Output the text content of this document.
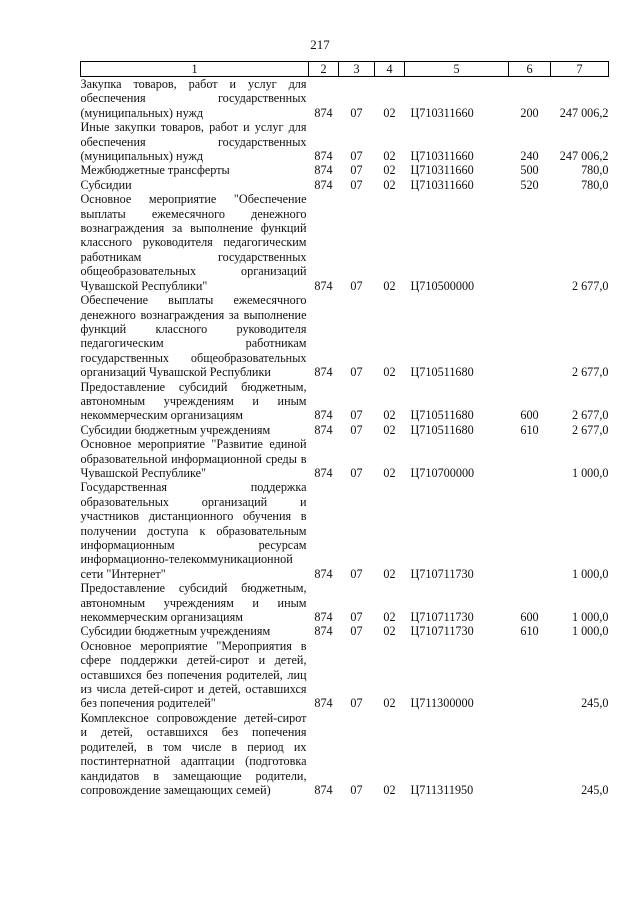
217
1	2	3	4	5	6	7
Закупка товаров, работ и услуг для обеспечения государственных (муниципальных) нужд	874	07	02	Ц710311660	200	247 006,2
Иные закупки товаров, работ и услуг для обеспечения государственных (муниципальных) нужд	874	07	02	Ц710311660	240	247 006,2
Межбюджетные трансферты	874	07	02	Ц710311660	500	780,0
Субсидии	874	07	02	Ц710311660	520	780,0
Основное мероприятие "Обеспечение выплаты ежемесячного денежного вознаграждения за выполнение функций классного руководителя педагогическим работникам государственных общеобразовательных организаций Чувашской Республики"	874	07	02	Ц710500000		2 677,0
Обеспечение выплаты ежемесячного денежного вознаграждения за выполнение функций классного руководителя педагогическим работникам государственных общеобразовательных организаций Чувашской Республики	874	07	02	Ц710511680		2 677,0
Предоставление субсидий бюджетным, автономным учреждениям и иным некоммерческим организациям	874	07	02	Ц710511680	600	2 677,0
Субсидии бюджетным учреждениям	874	07	02	Ц710511680	610	2 677,0
Основное мероприятие "Развитие единой образовательной информационной среды в Чувашской Республике"	874	07	02	Ц710700000		1 000,0
Государственная поддержка образовательных организаций и участников дистанционного обучения в получении доступа к образовательным информационным ресурсам информационно-телекоммуникационной сети "Интернет"	874	07	02	Ц710711730		1 000,0
Предоставление субсидий бюджетным, автономным учреждениям и иным некоммерческим организациям	874	07	02	Ц710711730	600	1 000,0
Субсидии бюджетным учреждениям	874	07	02	Ц710711730	610	1 000,0
Основное мероприятие "Мероприятия в сфере поддержки детей-сирот и детей, оставшихся без попечения родителей, лиц из числа детей-сирот и детей, оставшихся без попечения родителей"	874	07	02	Ц711300000		245,0
Комплексное сопровождение детей-сирот и детей, оставшихся без попечения родителей, в том числе в период их постинтернатной адаптации (подготовка кандидатов в замещающие родители, сопровождение замещающих семей)	874	07	02	Ц711311950		245,0
